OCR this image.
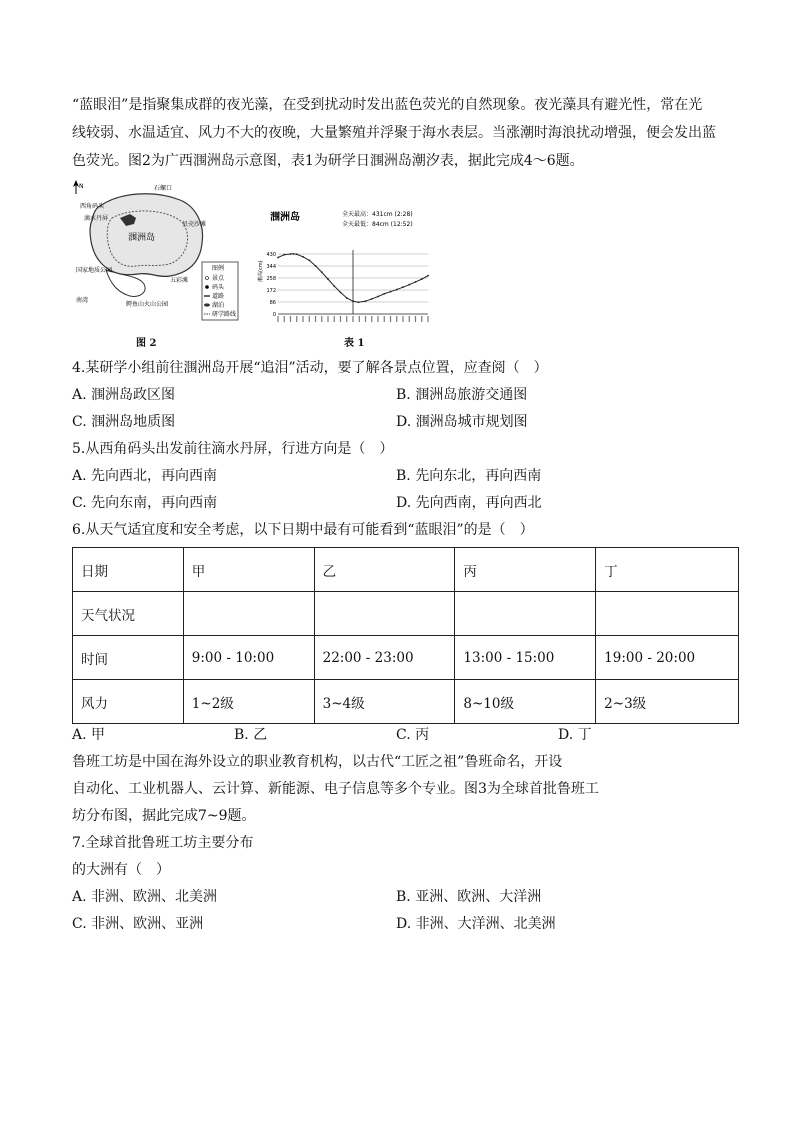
“蓝眼泪”是指聚集成群的夜光藻，在受到扰动时发出蓝色荧光的自然现象。夜光藻具有避光性，常在光
线较弱、水温适宜、风力不大的夜晚，大量繁殖并浮聚于海水表层。当涨潮时海浪扰动增强，便会发出蓝
色荧光。图2为广西涠洲岛示意图，表1为研学日涠洲岛潮汐表，据此完成4～6题。
N
图例
景点
码头
道路
湖泊
研学路线
西角码头
滴水丹屏
贝壳沙滩
五彩滩
鳄鱼山火山公园
国家地质公园
南湾
石螺口
涠洲岛
图 2
涠洲岛	全天最高：431cm (2:28)
全天最低：84cm (12:52)
潮高(cm)
0
86
172
258
344
430
表 1
4.某研学小组前往涠洲岛开展“追泪”活动，要了解各景点位置，应查阅（　）
A. 涠洲岛政区图	B. 涠洲岛旅游交通图
C. 涠洲岛地质图	D. 涠洲岛城市规划图
5.从西角码头出发前往滴水丹屏，行进方向是（　）
A. 先向西北，再向西南	B. 先向东北，再向西南
C. 先向东南，再向西南	D. 先向西南，再向西北
6.从天气适宜度和安全考虑，以下日期中最有可能看到“蓝眼泪”的是（　）
日期	甲	乙	丙	丁
天气状况				
时间	9:00 - 10:00	22:00 - 23:00	13:00 - 15:00	19:00 - 20:00
风力	1~2级	3~4级	8~10级	2~3级
A. 甲	B. 乙	C. 丙	D. 丁
鲁班工坊是中国在海外设立的职业教育机构，以古代“工匠之祖”鲁班命名，开设
自动化、工业机器人、云计算、新能源、电子信息等多个专业。图3为全球首批鲁班工
坊分布图，据此完成7~9题。
7.全球首批鲁班工坊主要分布
的大洲有（　）
A. 非洲、欧洲、北美洲	B. 亚洲、欧洲、大洋洲
C. 非洲、欧洲、亚洲	D. 非洲、大洋洲、北美洲
